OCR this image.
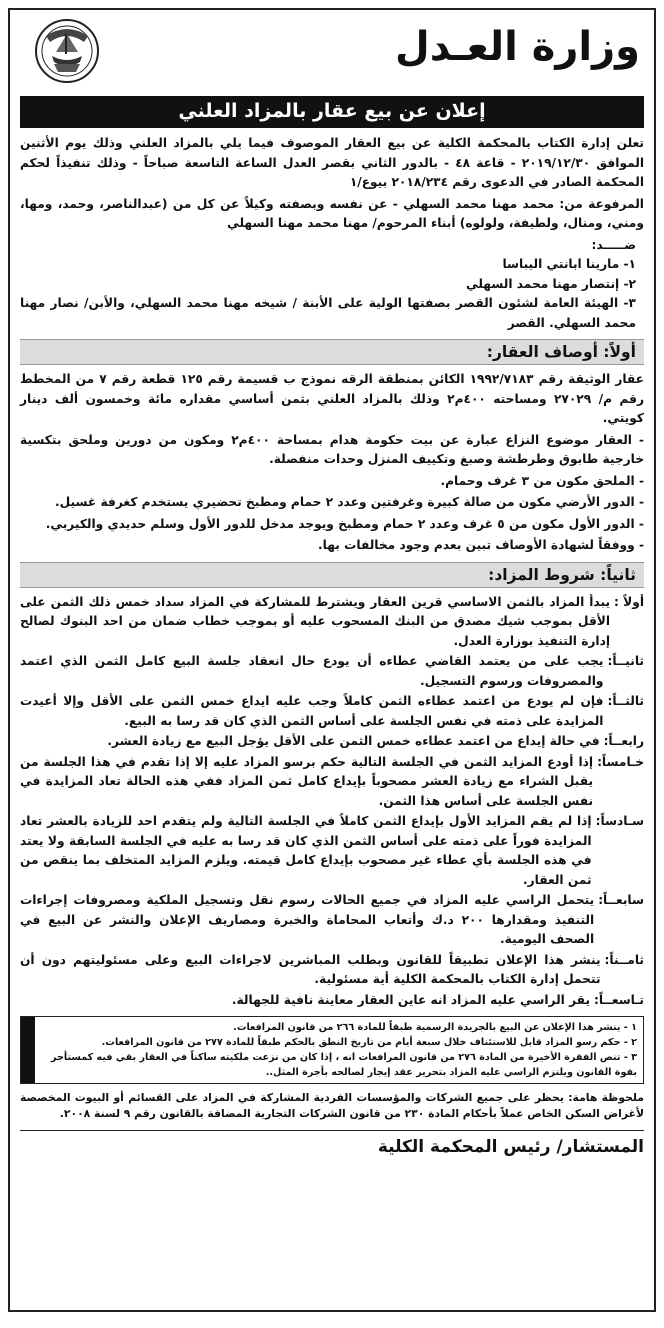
وزارة العـدل
إعلان عن بيع عقار بالمزاد العلني

تعلن إدارة الكتاب بالمحكمة الكلية عن بيع العقار الموصوف فيما يلي بالمزاد العلني وذلك يوم الأثنين الموافق ٢٠١٩/١٢/٣٠ - قاعة ٤٨ - بالدور الثاني بقصر العدل الساعة التاسعة صباحاً - وذلك تنفيذاً لحكم المحكمة الصادر في الدعوى رقم ٢٠١٨/٢٣٤ بيوع/١

المرفوعة من: محمد مهنا محمد السهلي - عن نفسه وبصفته وكيلاً عن كل من (عبدالناصر، وحمد، ومها، ومني، ومنال، ولطيفة، ولولوه) أبناء المرحوم/ مهنا محمد مهنا السهلي

ضـــــد:
١- مارينا ابانتي اليباسا
٢- إنتصار مهنا محمد السهلي
٣- الهيئة العامة لشئون القصر بصفتها الولية على الأبنة / شيخه مهنا محمد السهلي، والأبن/ نصار مهنا محمد السهلي. القصر
أولاً: أوصاف العقار:

عقار الوثيقة رقم ١٩٩٢/٧١٨٣ الكائن بمنطقة الرقه نموذج ب قسيمة رقم ١٢٥ قطعة رقم ٧ من المخطط رقم م/ ٢٧٠٢٩ ومساحته ٤٠٠م٢ وذلك بالمزاد العلني بثمن أساسي مقداره مائة وخمسون ألف دينار كويتي.

- العقار موضوع النزاع عبارة عن بيت حكومة هدام بمساحة ٤٠٠م٢ ومكون من دورين وملحق بتكسية خارجية طابوق وطرطشة وصبغ وتكييف المنزل وحدات منفصلة.

- الملحق مكون من ٣ غرف وحمام.

- الدور الأرضي مكون من صالة كبيرة وغرفتين وعدد ٢ حمام ومطبخ تحضيري يستخدم كغرفة غسيل.

- الدور الأول مكون من ٥ غرف وعدد ٢ حمام ومطبخ ويوجد مدخل للدور الأول وسلم حديدي والكيربي.

- ووفقاً لشهادة الأوصاف تبين بعدم وجود مخالفات بها.

ثانياً: شروط المزاد:
أولاً :

يبدأ المزاد بالثمن الاساسي قرين العقار ويشترط للمشاركة في المزاد سداد خمس ذلك الثمن على الأقل بموجب شيك مصدق من البنك المسحوب عليه أو بموجب خطاب ضمان من احد البنوك لصالح إدارة التنفيذ بوزارة العدل.

ثانيــاً:

يجب على من يعتمد القاضي عطاءه أن يودع حال انعقاد جلسة البيع كامل الثمن الذي اعتمد والمصروفات ورسوم التسجيل.

ثالثــاً:

فإن لم يودع من اعتمد عطاءه الثمن كاملاً وجب عليه ايداع خمس الثمن على الأقل وإلا أعيدت المزايدة على ذمته في نفس الجلسة على أساس الثمن الذي كان قد رسا به البيع.

رابعــاً:

في حالة إيداع من اعتمد عطاءه خمس الثمن على الأقل يؤجل البيع مع زيادة العشر.

خـامساً:

إذا أودع المزايد الثمن في الجلسة التالية حكم برسو المزاد عليه إلا إذا تقدم في هذا الجلسة من يقبل الشراء مع زيادة العشر مصحوباً بإيداع كامل ثمن المزاد ففي هذه الحالة تعاد المزايدة في نفس الجلسة على أساس هذا الثمن.

سـادساً:

إذا لم يقم المزايد الأول بإيداع الثمن كاملاً في الجلسة التالية ولم يتقدم احد للزيادة بالعشر تعاد المزايدة فوراً على ذمته على أساس الثمن الذي كان قد رسا به عليه في الجلسة السابقة ولا يعتد في هذه الجلسة بأي عطاء غير مصحوب بإيداع كامل قيمته. ويلزم المزايد المتخلف بما ينقص من ثمن العقار.

سابعــاً:

يتحمل الراسي عليه المزاد في جميع الحالات رسوم نقل وتسجيل الملكية ومصروفات إجراءات التنفيذ ومقدارها ٢٠٠ د.ك وأتعاب المحاماة والخبرة ومصاريف الإعلان والنشر عن البيع في الصحف اليومية.

ثامــناً:

ينشر هذا الإعلان تطبيقاً للقانون وبطلب المباشرين لاجراءات البيع وعلى مسئوليتهم دون أن تتحمل إدارة الكتاب بالمحكمة الكلية أية مسئولية.

تـاسعــاً:

يقر الراسي عليه المزاد انه عاين العقار معاينة نافية للجهالة.

١ - ينشر هذا الإعلان عن البيع بالجريدة الرسمية طبقاً للمادة ٢٦٦ من قانون المرافعات.
٢ - حكم رسو المزاد قابل للاستئناف خلال سبعة أيام من تاريخ النطق بالحكم طبقاً للمادة ٢٧٧ من قانون المرافعات.
٣ - تنص الفقرة الأخيرة من المادة ٢٧٦ من قانون المرافعات انه ، إذا كان من نزعت ملكيته ساكناً في العقار بقي فيه كمستأجر بقوة القانون ويلتزم الراسي عليه المزاد بتحرير عقد إيجار لصالحه بأجرة المثل..

ملحوظة هامة: يحظر على جميع الشركات والمؤسسات الفردية المشاركة في المزاد على القسائم أو البيوت المخصصة لأغراض السكن الخاص عملاً بأحكام المادة ٢٣٠ من قانون الشركات التجارية المضافة بالقانون رقم ٩ لسنة ٢٠٠٨.

المستشار/ رئيس المحكمة الكلية
